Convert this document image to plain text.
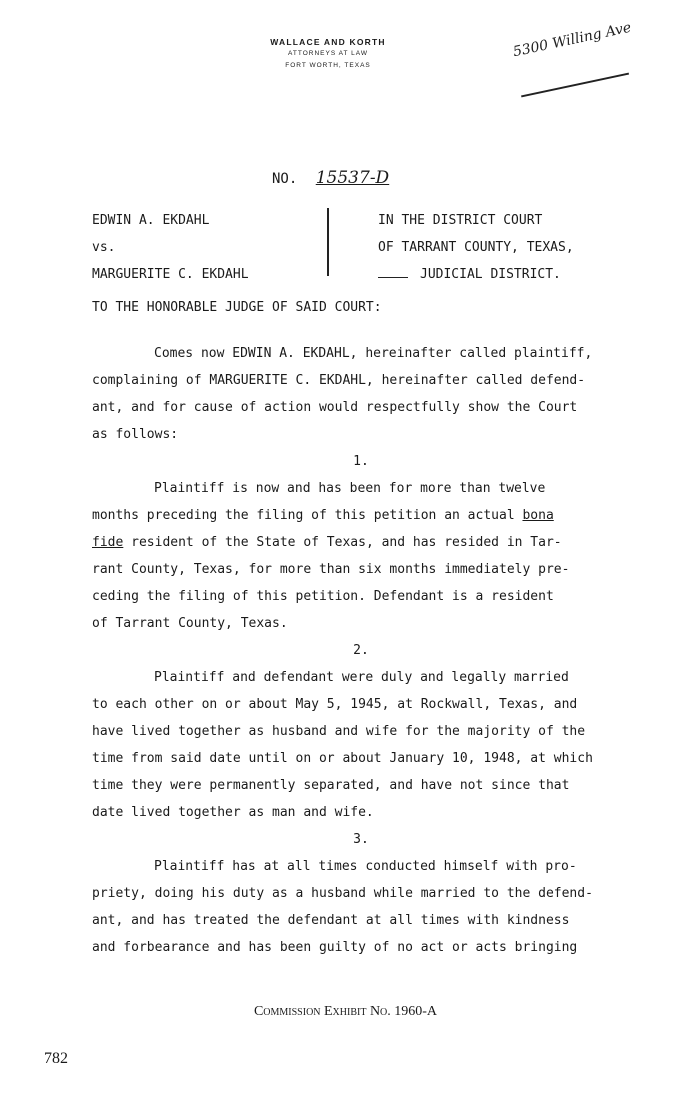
WALLACE AND KORTH
ATTORNEYS AT LAW
FORT WORTH, TEXAS
5300 Willing Ave
NO. 15537-D
EDWIN A. EKDAHL
vs.
MARGUERITE C. EKDAHL
IN THE DISTRICT COURT
OF TARRANT COUNTY, TEXAS,
JUDICIAL DISTRICT.
TO THE HONORABLE JUDGE OF SAID COURT:

Comes now EDWIN A. EKDAHL, hereinafter called plaintiff,

complaining of MARGUERITE C. EKDAHL, hereinafter called defend-

ant, and for cause of action would respectfully show the Court

as follows:

1.

Plaintiff is now and has been for more than twelve

months preceding the filing of this petition an actual bona

fide resident of the State of Texas, and has resided in Tar-

rant County, Texas, for more than six months immediately pre-

ceding the filing of this petition. Defendant is a resident

of Tarrant County, Texas.

2.

Plaintiff and defendant were duly and legally married

to each other on or about May 5, 1945, at Rockwall, Texas, and

have lived together as husband and wife for the majority of the

time from said date until on or about January 10, 1948, at which

time they were permanently separated, and have not since that

date lived together as man and wife.

3.

Plaintiff has at all times conducted himself with pro-

priety, doing his duty as a husband while married to the defend-

ant, and has treated the defendant at all times with kindness

and forbearance and has been guilty of no act or acts bringing

Commission Exhibit No. 1960-A
782
